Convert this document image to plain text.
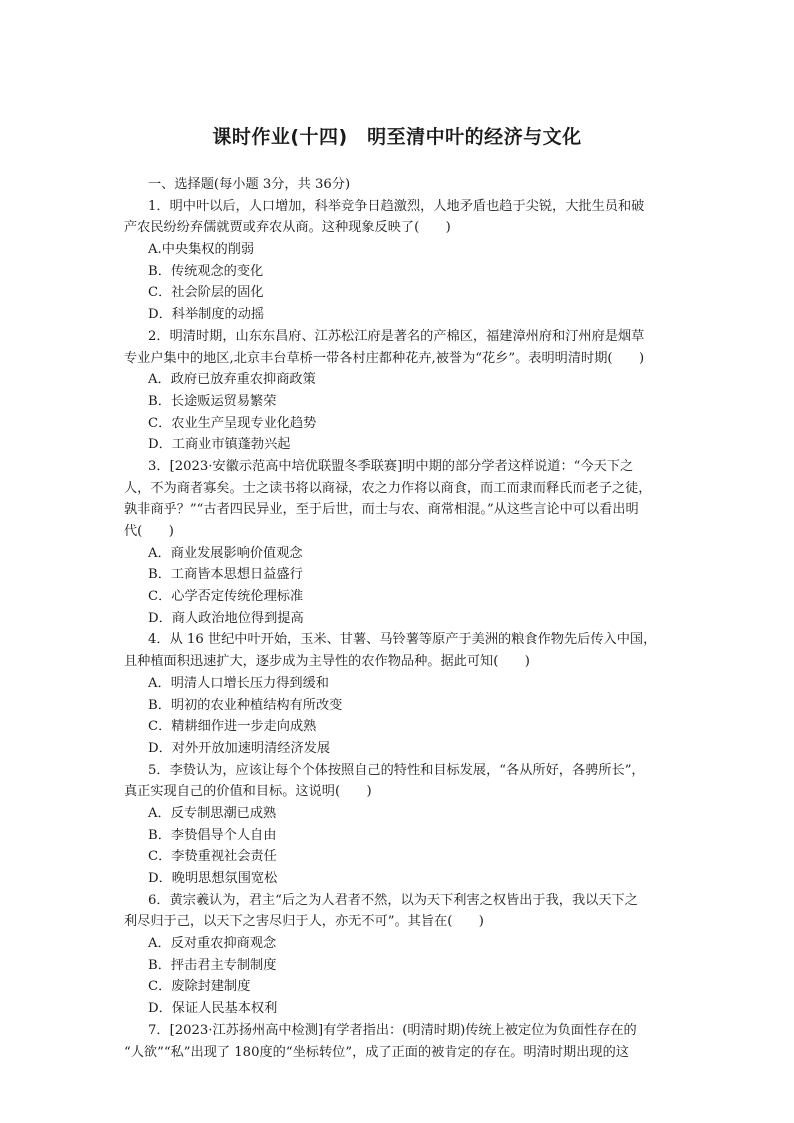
课时作业(十四)　明至清中叶的经济与文化
一、选择题(每小题 3分，共 36分)
1．明中叶以后，人口增加，科举竞争日趋激烈，人地矛盾也趋于尖锐，大批生员和破
产农民纷纷弃儒就贾或弃农从商。这种现象反映了(　　)
A.中央集权的削弱
B．传统观念的变化
C．社会阶层的固化
D．科举制度的动摇
2．明清时期，山东东昌府、江苏松江府是著名的产棉区，福建漳州府和汀州府是烟草
专业户集中的地区,北京丰台草桥一带各村庄都种花卉,被誉为“花乡”。表明明清时期(　　)
A．政府已放弃重农抑商政策
B．长途贩运贸易繁荣
C．农业生产呈现专业化趋势
D．工商业市镇蓬勃兴起
3．[2023·安徽示范高中培优联盟冬季联赛]明中期的部分学者这样说道：“今天下之
人，不为商者寡矣。士之读书将以商禄，农之力作将以商食，而工而隶而释氏而老子之徒，
孰非商乎？”“古者四民异业，至于后世，而士与农、商常相混。”从这些言论中可以看出明
代(　　)
A．商业发展影响价值观念
B．工商皆本思想日益盛行
C．心学否定传统伦理标准
D．商人政治地位得到提高
4．从 16 世纪中叶开始，玉米、甘薯、马铃薯等原产于美洲的粮食作物先后传入中国，
且种植面积迅速扩大，逐步成为主导性的农作物品种。据此可知(　　)
A．明清人口增长压力得到缓和
B．明初的农业种植结构有所改变
C．精耕细作进一步走向成熟
D．对外开放加速明清经济发展
5．李贽认为，应该让每个个体按照自己的特性和目标发展，“各从所好，各骋所长”，
真正实现自己的价值和目标。这说明(　　)
A．反专制思潮已成熟
B．李贽倡导个人自由
C．李贽重视社会责任
D．晚明思想氛围宽松
6．黄宗羲认为，君主“后之为人君者不然，以为天下利害之权皆出于我，我以天下之
利尽归于己，以天下之害尽归于人，亦无不可”。其旨在(　　)
A．反对重农抑商观念
B．抨击君主专制制度
C．废除封建制度
D．保证人民基本权利
7．[2023·江苏扬州高中检测]有学者指出：(明清时期)传统上被定位为负面性存在的
“人欲”“私”出现了 180度的“坐标转位”，成了正面的被肯定的存在。明清时期出现的这
